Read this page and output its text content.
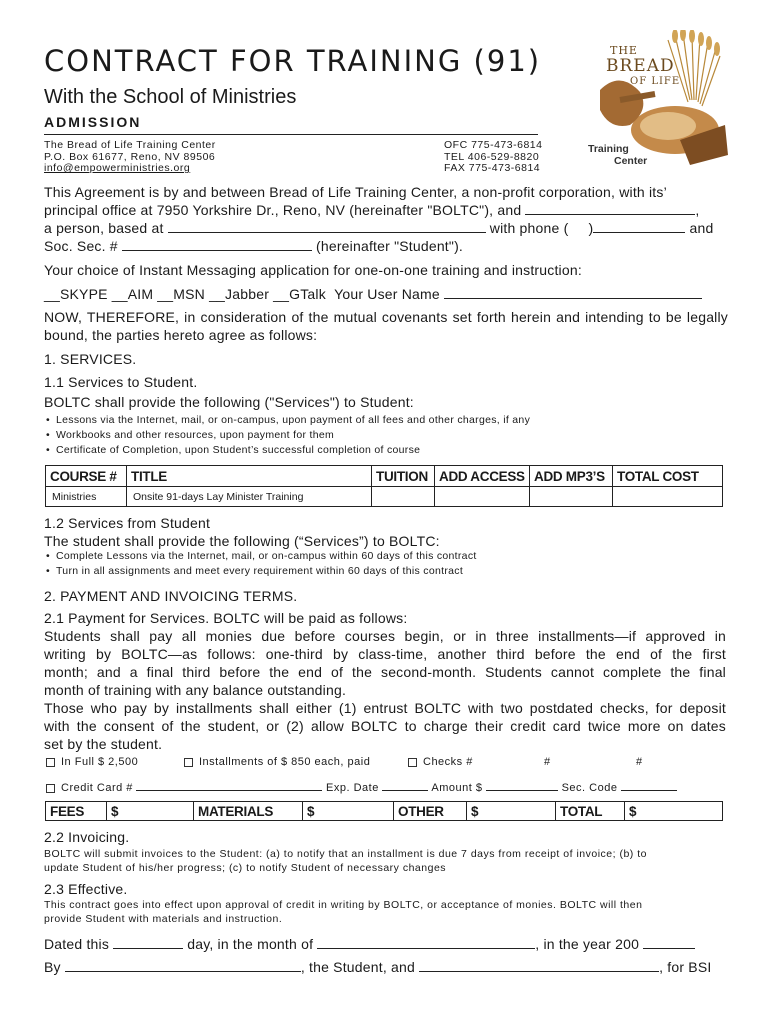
CONTRACT FOR TRAINING (91)
With the School of Ministries
ADMISSION
The Bread of Life Training Center
P.O. Box 61677, Reno, NV 89506
info@empowerministries.org
OFC 775-473-6814
TEL 406-529-8820
FAX 775-473-6814
THE
BREAD
OF LIFE
Training
Center
This Agreement is by and between Bread of Life Training Center, a non-profit corporation, with its’
principal office at 7950 Yorkshire Dr., Reno, NV (hereinafter "BOLTC"), and	,
a person, based at	with phone ( )	and
Soc. Sec. #	(hereinafter "Student").
Your choice of Instant Messaging application for one-on-one training and instruction:
__SKYPE __AIM __MSN __Jabber __GTalk Your User Name
NOW, THEREFORE, in consideration of the mutual covenants set forth herein and intending to be legally bound, the parties hereto agree as follows:
1. SERVICES.
1.1 Services to Student.
BOLTC shall provide the following ("Services") to Student:
• Lessons via the Internet, mail, or on-campus, upon payment of all fees and other charges, if any
• Workbooks and other resources, upon payment for them
• Certificate of Completion, upon Student’s successful completion of course
COURSE #	TITLE	TUITION	ADD ACCESS	ADD MP3’S	TOTAL COST
Ministries	Onsite 91-days Lay Minister Training				
1.2 Services from Student
The student shall provide the following (“Services”) to BOLTC:
• Complete Lessons via the Internet, mail, or on-campus within 60 days of this contract
• Turn in all assignments and meet every requirement within 60 days of this contract
2. PAYMENT AND INVOICING TERMS.
2.1 Payment for Services. BOLTC will be paid as follows:
Students shall pay all monies due before courses begin, or in three installments—if approved in
writing by BOLTC—as follows: one-third by class-time, another third before the end of the first
month; and a final third before the end of the second-month. Students cannot complete the final
month of training with any balance outstanding.
Those who pay by installments shall either (1) entrust BOLTC with two postdated checks, for deposit
with the consent of the student, or (2) allow BOLTC to charge their credit card twice more on dates
set by the student.
In Full $ 2,500	Installments of $ 850 each, paid	Checks #	#	#
Credit Card #	Exp. Date	Amount $	Sec. Code
FEES	$	MATERIALS	$	OTHER	$	TOTAL	$
2.2 Invoicing.
BOLTC will submit invoices to the Student: (a) to notify that an installment is due 7 days from receipt of invoice; (b) to
update Student of his/her progress; (c) to notify Student of necessary changes
2.3 Effective.
This contract goes into effect upon approval of credit in writing by BOLTC, or acceptance of monies. BOLTC will then
provide Student with materials and instruction.
Dated this	day, in the month of	, in the year 200
By	, the Student, and	, for BSI
